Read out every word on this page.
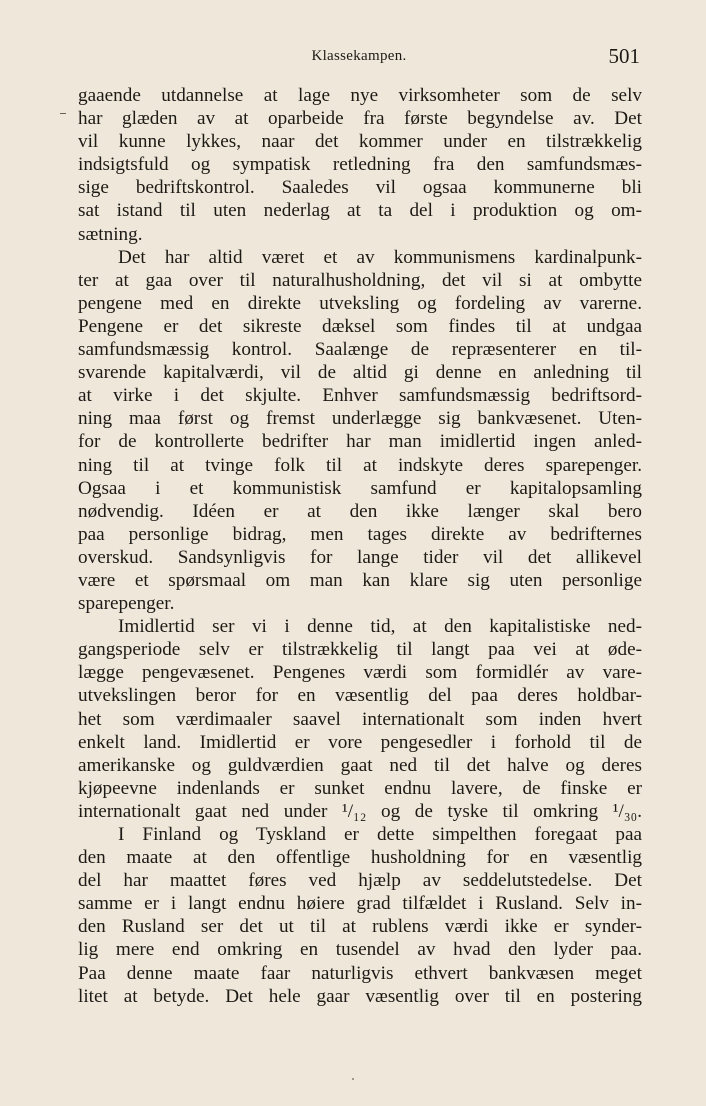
Klassekampen.	501
gaaende utdannelse at lage nye virksomheter som de selv
har glæden av at oparbeide fra første begyndelse av. Det
vil kunne lykkes, naar det kommer under en tilstrækkelig
indsigtsfuld og sympatisk retledning fra den samfundsmæs-
sige bedriftskontrol. Saaledes vil ogsaa kommunerne bli
sat istand til uten nederlag at ta del i produktion og om-
sætning.
Det har altid været et av kommunismens kardinalpunk-
ter at gaa over til naturalhusholdning, det vil si at ombytte
pengene med en direkte utveksling og fordeling av varerne.
Pengene er det sikreste dæksel som findes til at undgaa
samfundsmæssig kontrol. Saalænge de repræsenterer en til-
svarende kapitalværdi, vil de altid gi denne en anledning til
at virke i det skjulte. Enhver samfundsmæssig bedriftsord-
ning maa først og fremst underlægge sig bankvæsenet. Uten-
for de kontrollerte bedrifter har man imidlertid ingen anled-
ning til at tvinge folk til at indskyte deres sparepenger.
Ogsaa i et kommunistisk samfund er kapitalopsamling
nødvendig. Idéen er at den ikke længer skal bero
paa personlige bidrag, men tages direkte av bedrifternes
overskud. Sandsynligvis for lange tider vil det allikevel
være et spørsmaal om man kan klare sig uten personlige
sparepenger.
Imidlertid ser vi i denne tid, at den kapitalistiske ned-
gangsperiode selv er tilstrækkelig til langt paa vei at øde-
lægge pengevæsenet. Pengenes værdi som formidlér av vare-
utvekslingen beror for en væsentlig del paa deres holdbar-
het som værdimaaler saavel internationalt som inden hvert
enkelt land. Imidlertid er vore pengesedler i forhold til de
amerikanske og guldværdien gaat ned til det halve og deres
kjøpeevne indenlands er sunket endnu lavere, de finske er
internationalt gaat ned under ¹/₁₂ og de tyske til omkring ¹/₃₀.
I Finland og Tyskland er dette simpelthen foregaat paa
den maate at den offentlige husholdning for en væsentlig
del har maattet føres ved hjælp av seddelutstedelse. Det
samme er i langt endnu høiere grad tilfældet i Rusland. Selv in-
den Rusland ser det ut til at rublens værdi ikke er synder-
lig mere end omkring en tusendel av hvad den lyder paa.
Paa denne maate faar naturligvis ethvert bankvæsen meget
litet at betyde. Det hele gaar væsentlig over til en postering
